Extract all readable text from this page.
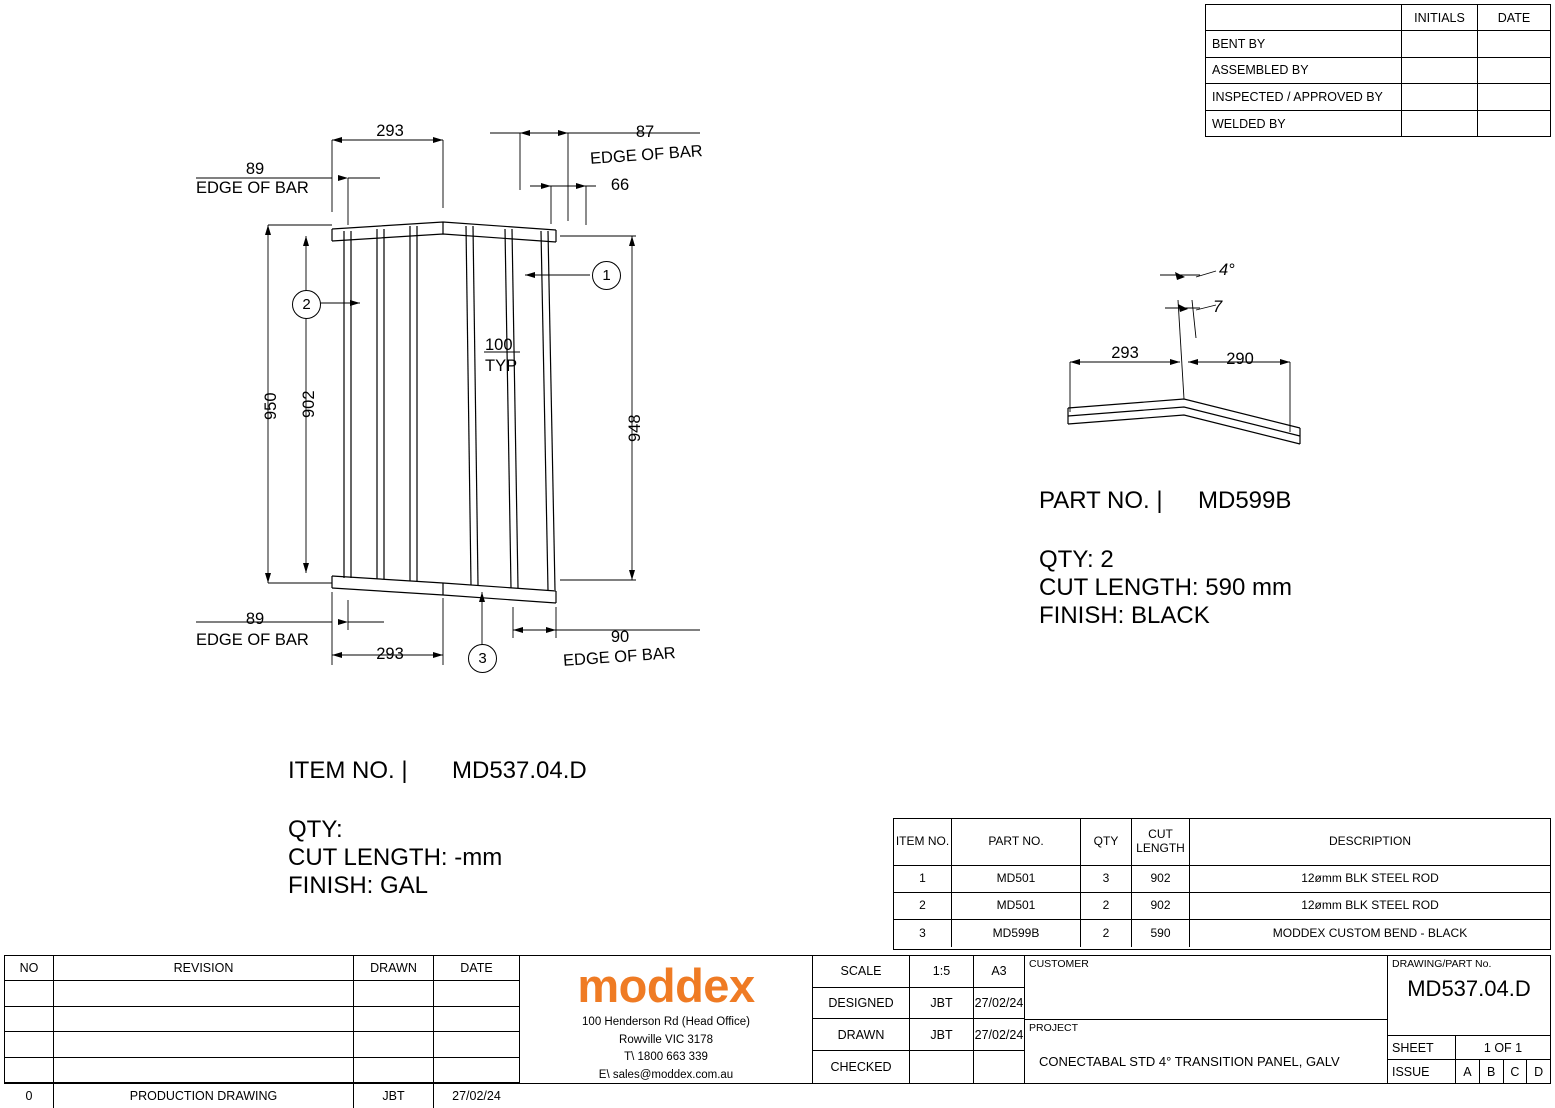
INITIALS	DATE
BENT BY
ASSEMBLED BY
INSPECTED / APPROVED BY
WELDED BY
293
89
EDGE OF BAR
87
EDGE OF BAR
66
950 902
948
100
TYP
89
EDGE OF BAR
293
90
EDGE OF BAR
1
2
3
4°
7
293	290
PART NO. | MD599B
QTY: 2
CUT LENGTH: 590 mm
FINISH: BLACK
ITEM NO. | MD537.04.D
QTY:
CUT LENGTH: -mm
FINISH: GAL
ITEM NO.	PART NO.	QTY	CUT LENGTH	DESCRIPTION
1	MD501	3	902	12ømm BLK STEEL ROD
2	MD501	2	902	12ømm BLK STEEL ROD
3	MD599B	2	590	MODDEX CUSTOM BEND - BLACK
NO	REVISION	DRAWN	DATE
0	PRODUCTION DRAWING	JBT	27/02/24
moddex
100 Henderson Rd (Head Office)
Rowville VIC 3178
T\ 1800 663 339
E\ sales@moddex.com.au
SCALE	1:5	A3
DESIGNED	JBT	27/02/24
DRAWN	JBT	27/02/24
CHECKED
CUSTOMER
PROJECT
CONECTABAL STD 4° TRANSITION PANEL, GALV
DRAWING/PART No.
MD537.04.D
SHEET	1 OF 1
ISSUE	A	B	C	D
